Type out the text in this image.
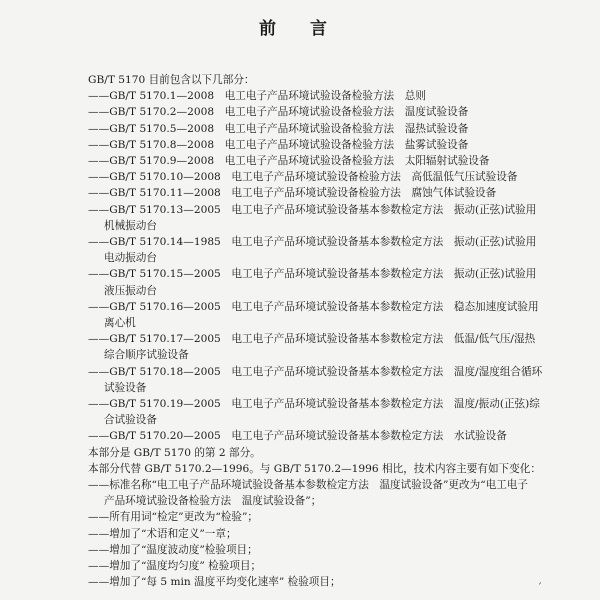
前 言
GB/T 5170 目前包含以下几部分：
——GB/T 5170.1—2008　 电工电子产品环境试验设备检验方法　总则
——GB/T 5170.2—2008　 电工电子产品环境试验设备检验方法　温度试验设备
——GB/T 5170.5—2008　 电工电子产品环境试验设备检验方法　湿热试验设备
——GB/T 5170.8—2008　 电工电子产品环境试验设备检验方法　盐雾试验设备
——GB/T 5170.9—2008　 电工电子产品环境试验设备检验方法　太阳辐射试验设备
——GB/T 5170.10—2008　 电工电子产品环境试验设备检验方法　高低温低气压试验设备
——GB/T 5170.11—2008　 电工电子产品环境试验设备检验方法　腐蚀气体试验设备
——GB/T 5170.13—2005　 电工电子产品环境试验设备基本参数检定方法　振动(正弦)试验用
机械振动台
——GB/T 5170.14—1985　 电工电子产品环境试验设备基本参数检定方法　振动(正弦)试验用
电动振动台
——GB/T 5170.15—2005　 电工电子产品环境试验设备基本参数检定方法　振动(正弦)试验用
液压振动台
——GB/T 5170.16—2005　 电工电子产品环境试验设备基本参数检定方法　稳态加速度试验用
离心机
——GB/T 5170.17—2005　 电工电子产品环境试验设备基本参数检定方法　低温/低气压/湿热
综合顺序试验设备
——GB/T 5170.18—2005　 电工电子产品环境试验设备基本参数检定方法　温度/湿度组合循环
试验设备
——GB/T 5170.19—2005　 电工电子产品环境试验设备基本参数检定方法　温度/振动(正弦)综
合试验设备
——GB/T 5170.20—2005　 电工电子产品环境试验设备基本参数检定方法　水试验设备
本部分是 GB/T 5170 的第 2 部分。
本部分代替 GB/T 5170.2—1996。与 GB/T 5170.2—1996 相比，技术内容主要有如下变化：
——标准名称“电工电子产品环境试验设备基本参数检定方法　温度试验设备”更改为“电工电子
产品环境试验设备检验方法　温度试验设备”；
——所有用词“检定”更改为“检验”；
——增加了“术语和定义”一章；
——增加了“温度波动度”检验项目；
——增加了“温度均匀度” 检验项目；
——增加了“每 5 min 温度平均变化速率” 检验项目；
ˊ
